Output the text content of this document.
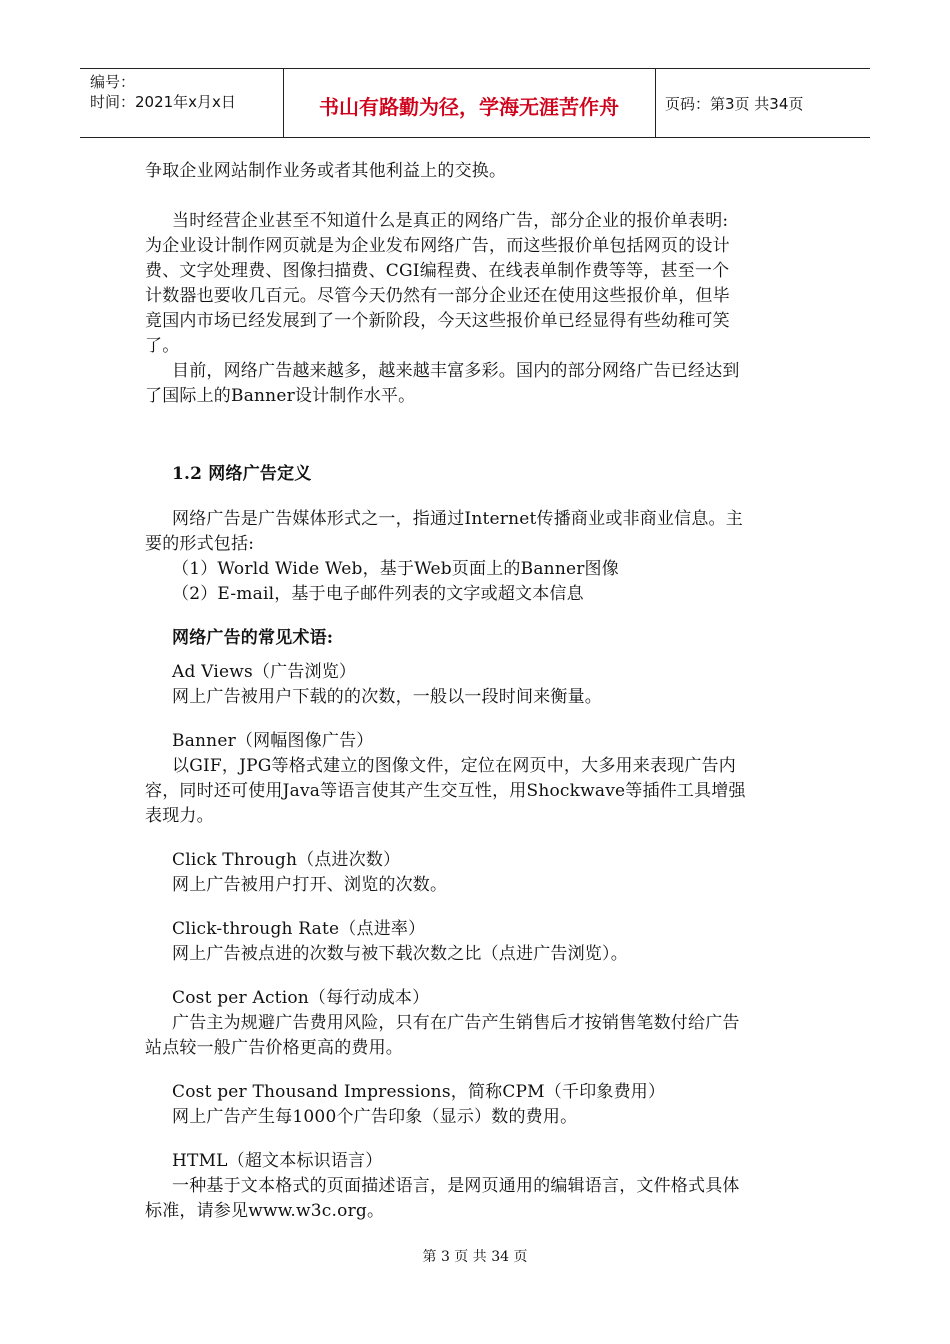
编号：
时间：2021年x月x日	书山有路勤为径，学海无涯苦作舟	页码：第3页 共34页
争取企业网站制作业务或者其他利益上的交换。
当时经营企业甚至不知道什么是真正的网络广告，部分企业的报价单表明:
为企业设计制作网页就是为企业发布网络广告，而这些报价单包括网页的设计
费、文字处理费、图像扫描费、CGI编程费、在线表单制作费等等，甚至一个
计数器也要收几百元。尽管今天仍然有一部分企业还在使用这些报价单，但毕
竟国内市场已经发展到了一个新阶段，今天这些报价单已经显得有些幼稚可笑
了。
目前，网络广告越来越多，越来越丰富多彩。国内的部分网络广告已经达到
了国际上的Banner设计制作水平。
1.2 网络广告定义
网络广告是广告媒体形式之一，指通过Internet传播商业或非商业信息。主
要的形式包括:
（1）World Wide Web，基于Web页面上的Banner图像
（2）E-mail，基于电子邮件列表的文字或超文本信息
网络广告的常见术语:
Ad Views（广告浏览）
网上广告被用户下载的的次数，一般以一段时间来衡量。
Banner（网幅图像广告）
以GIF，JPG等格式建立的图像文件，定位在网页中，大多用来表现广告内
容，同时还可使用Java等语言使其产生交互性，用Shockwave等插件工具增强
表现力。
Click Through（点进次数）
网上广告被用户打开、浏览的次数。
Click-through Rate（点进率）
网上广告被点进的次数与被下载次数之比（点进广告浏览）。
Cost per Action（每行动成本）
广告主为规避广告费用风险，只有在广告产生销售后才按销售笔数付给广告
站点较一般广告价格更高的费用。
Cost per Thousand Impressions，简称CPM（千印象费用）
网上广告产生每1000个广告印象（显示）数的费用。
HTML（超文本标识语言）
一种基于文本格式的页面描述语言，是网页通用的编辑语言，文件格式具体
标准，请参见www.w3c.org。
第 3 页 共 34 页
